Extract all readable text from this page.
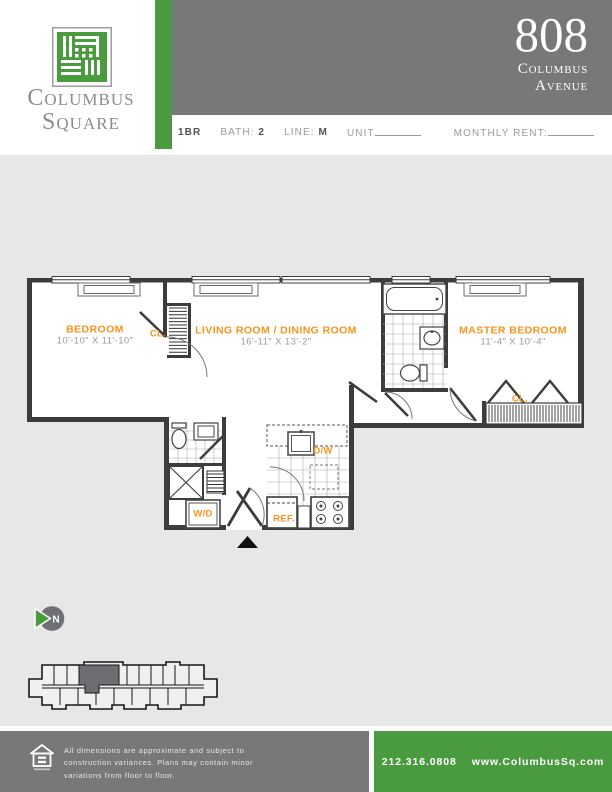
Columbus
Square
808
Columbus
Avenue
1BR BATH: 2 LINE: M UNIT	MONTHLY RENT:
BEDROOM
10'-10" X 11'-10"
LIVING ROOM / DINING ROOM
16'-11" X 13'-2"
MASTER BEDROOM
11'-4" X 10'-4"
CL.
CL.
W/D	REF.
D/W
N
All dimensions are approximate and subject to
construction variances. Plans may contain minor
variations from floor to floor.
212.316.0808 www.ColumbusSq.com
